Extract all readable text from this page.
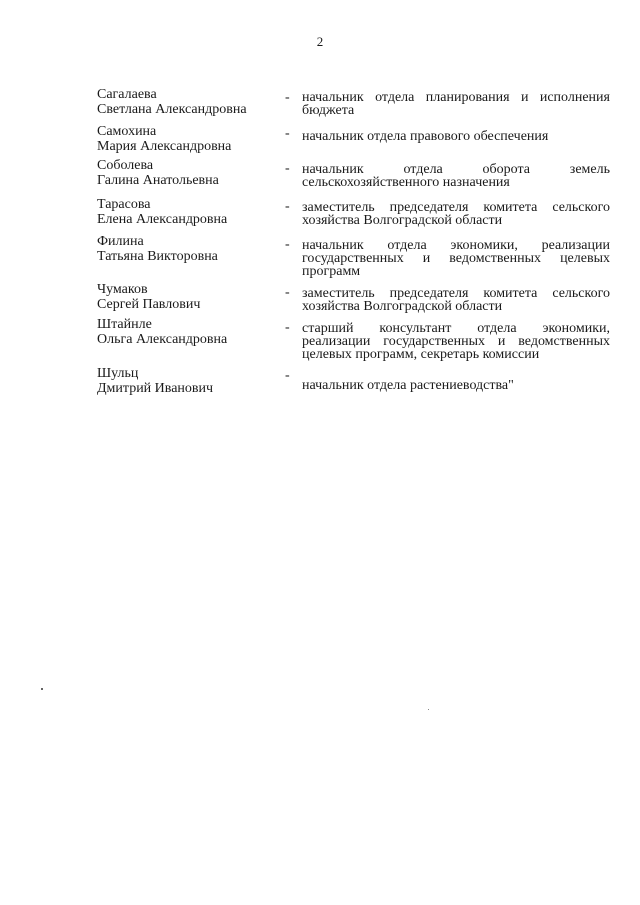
2
Сагалаева
Светлана Александровна
- начальник отдела планирования и исполнения
бюджета
Самохина
Мария Александровна
- начальник отдела правового обеспечения
Соболева
Галина Анатольевна
- начальник отдела оборота земель
сельскохозяйственного назначения
Тарасова
Елена Александровна
- заместитель председателя комитета сельского
хозяйства Волгоградской области
Филина
Татьяна Викторовна
- начальник отдела экономики, реализации
государственных и ведомственных целевых
программ
Чумаков
Сергей Павлович
- заместитель председателя комитета сельского
хозяйства Волгоградской области
Штайнле
Ольга Александровна
- старший консультант отдела экономики,
реализации государственных и ведомственных
целевых программ, секретарь комиссии
Шульц
Дмитрий Иванович
-
начальник отдела растениеводства"
